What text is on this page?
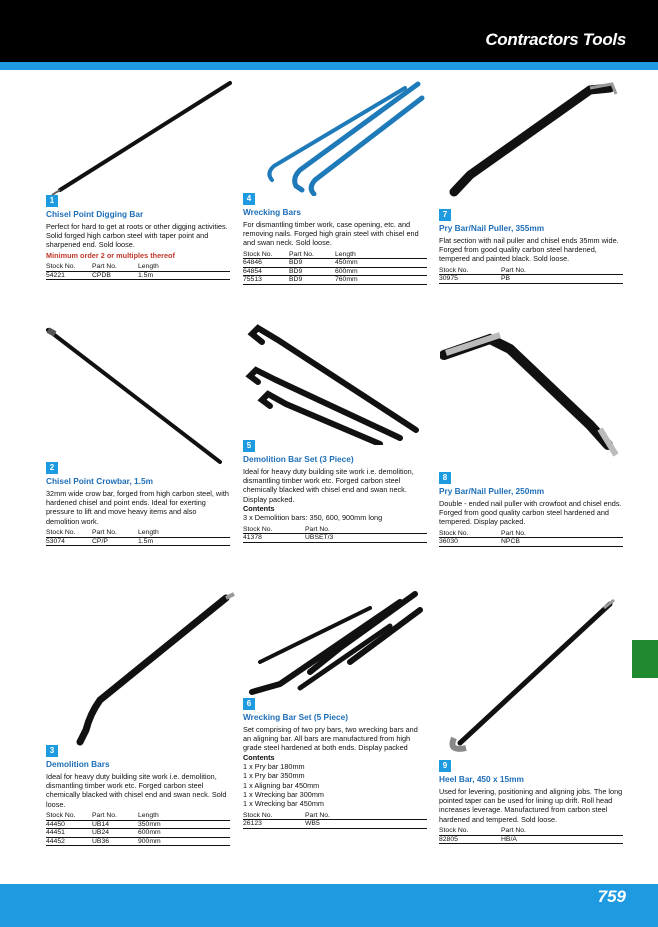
Contractors Tools
1
Chisel Point Digging Bar
Perfect for hard to get at roots or other digging activities. Solid forged high carbon steel with taper point and sharpened end. Sold loose.
Minimum order 2 or multiples thereof
Stock No.	Part No.	Length
54221	CPDB	1.5m
4
Wrecking Bars
For dismantling timber work, case opening, etc. and removing nails. Forged high grain steel with chisel end and swan neck. Sold loose.
Stock No.	Part No.	Length
64846	BD9	450mm
64854	BD9	600mm
75513	BD9	760mm
7
Pry Bar/Nail Puller, 355mm
Flat section with nail puller and chisel ends 35mm wide. Forged from good quality carbon steel hardened, tempered and painted black. Sold loose.
Stock No.	Part No.
30975	PB
2
Chisel Point Crowbar, 1.5m
32mm wide crow bar, forged from high carbon steel, with hardened chisel and point ends. Ideal for exerting pressure to lift and move heavy items and also demolition work.
Stock No.	Part No.	Length
53074	CP/P	1.5m
5
Demolition Bar Set (3 Piece)
Ideal for heavy duty building site work i.e. demolition, dismantling timber work etc. Forged carbon steel chemically blacked with chisel end and swan neck. Display packed.
Contents
3 x Demolition bars: 350, 600, 900mm long
Stock No.	Part No.
41378	UBSET/3
8
Pry Bar/Nail Puller, 250mm
Double - ended nail puller with crowfoot and chisel ends. Forged from good quality carbon steel hardened and tempered. Display packed.
Stock No.	Part No.
36030	NPCB
3
Demolition Bars
Ideal for heavy duty building site work i.e. demolition, dismantling timber work etc. Forged carbon steel chemically blacked with chisel end and swan neck. Sold loose.
Stock No.	Part No.	Length
44450	UB14	350mm
44451	UB24	600mm
44452	UB36	900mm
6
Wrecking Bar Set (5 Piece)
Set comprising of two pry bars, two wrecking bars and an aligning bar. All bars are manufactured from high grade steel hardened at both ends. Display packed
Contents
1 x Pry bar 180mm
1 x Pry bar 350mm
1 x Aligning bar 450mm
1 x Wrecking bar 300mm
1 x Wrecking bar 450mm
Stock No.	Part No.
26123	WB5
9
Heel Bar, 450 x 15mm
Used for levering, positioning and aligning jobs. The long pointed taper can be used for lining up drift. Roll head increases leverage. Manufactured from carbon steel hardened and tempered. Sold loose.
Stock No.	Part No.
82805	HB/A
759
